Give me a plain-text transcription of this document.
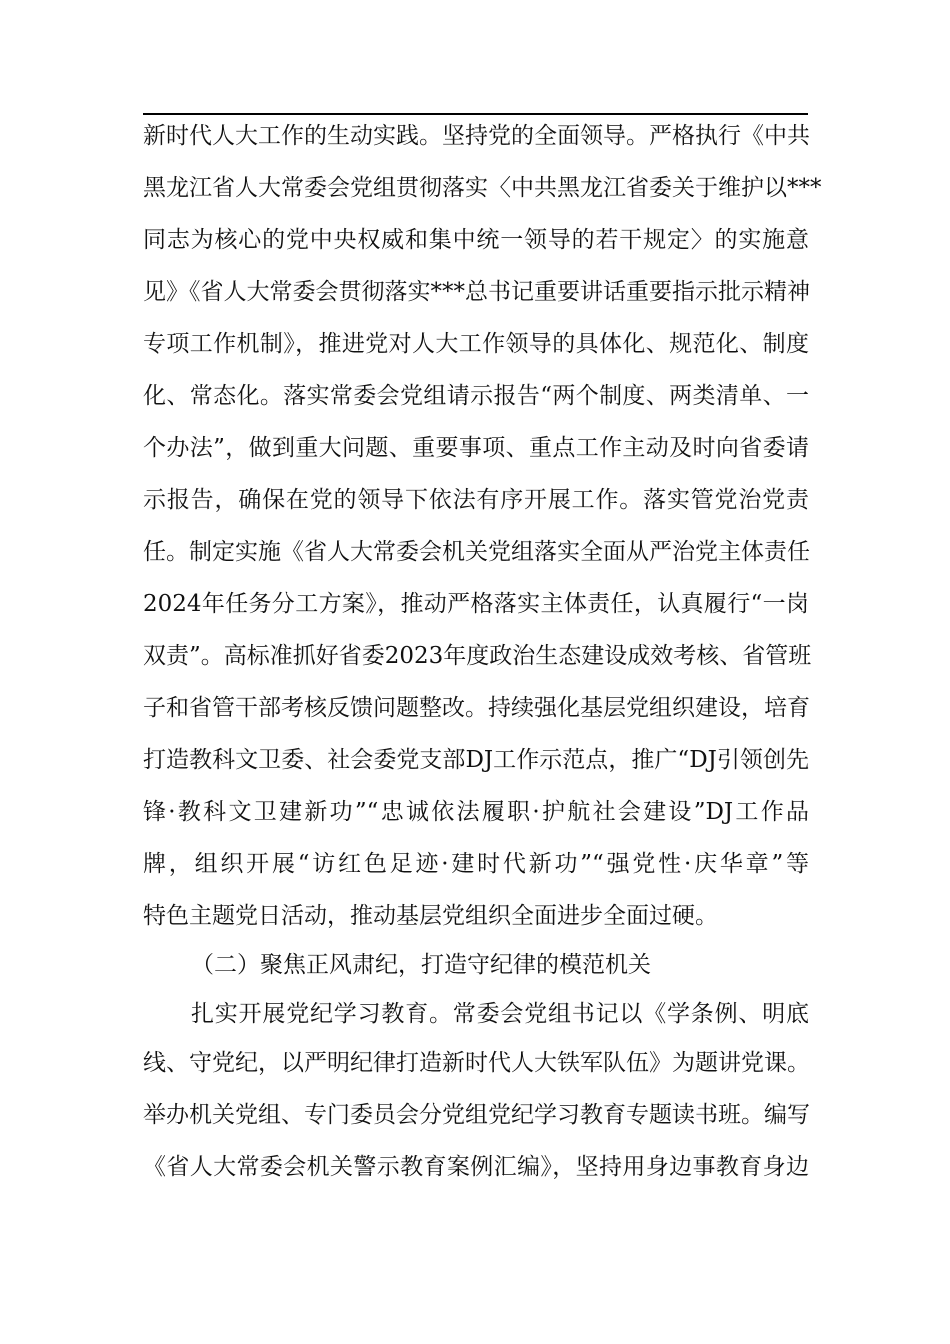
新时代人大工作的生动实践。坚持党的全面领导。严格执行《中共
黑龙江省人大常委会党组贯彻落实〈中共黑龙江省委关于维护以***
同志为核心的党中央权威和集中统一领导的若干规定〉的实施意
见》《省人大常委会贯彻落实***总书记重要讲话重要指示批示精神
专项工作机制》，推进党对人大工作领导的具体化、规范化、制度
化、常态化。落实常委会党组请示报告“两个制度、两类清单、一
个办法”，做到重大问题、重要事项、重点工作主动及时向省委请
示报告，确保在党的领导下依法有序开展工作。落实管党治党责
任。制定实施《省人大常委会机关党组落实全面从严治党主体责任
2024年任务分工方案》，推动严格落实主体责任，认真履行“一岗
双责”。高标准抓好省委2023年度政治生态建设成效考核、省管班
子和省管干部考核反馈问题整改。持续强化基层党组织建设，培育
打造教科文卫委、社会委党支部DJ工作示范点，推广“DJ引领创先
锋·教科文卫建新功”“忠诚依法履职·护航社会建设”DJ工作品
牌，组织开展“访红色足迹·建时代新功”“强党性·庆华章”等
特色主题党日活动，推动基层党组织全面进步全面过硬。
（二）聚焦正风肃纪，打造守纪律的模范机关
扎实开展党纪学习教育。常委会党组书记以《学条例、明底
线、守党纪，以严明纪律打造新时代人大铁军队伍》为题讲党课。
举办机关党组、专门委员会分党组党纪学习教育专题读书班。编写
《省人大常委会机关警示教育案例汇编》，坚持用身边事教育身边
